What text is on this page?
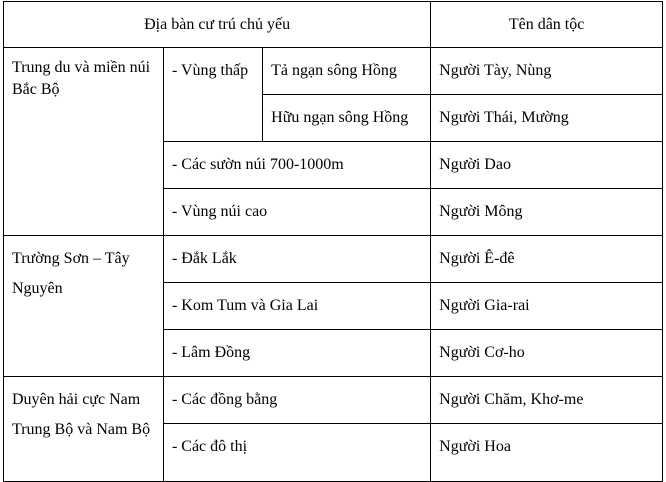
Địa bàn cư trú chủ yếu			Tên dân tộc
Trung du và miền núi Bắc Bộ	- Vùng thấp	Tả ngạn sông Hồng	Người Tày, Nùng
		Hữu ngạn sông Hồng	Người Thái, Mường
	- Các sườn núi 700-1000m		Người Dao
	- Vùng núi cao		Người Mông
Trường Sơn – Tây Nguyên	- Đắk Lắk		Người Ê-đê
	- Kom Tum và Gia Lai		Người Gia-rai
	- Lâm Đồng		Người Cơ-ho
Duyên hải cực Nam Trung Bộ và Nam Bộ	- Các đồng bằng		Người Chăm, Khơ-me
	- Các đô thị		Người Hoa
